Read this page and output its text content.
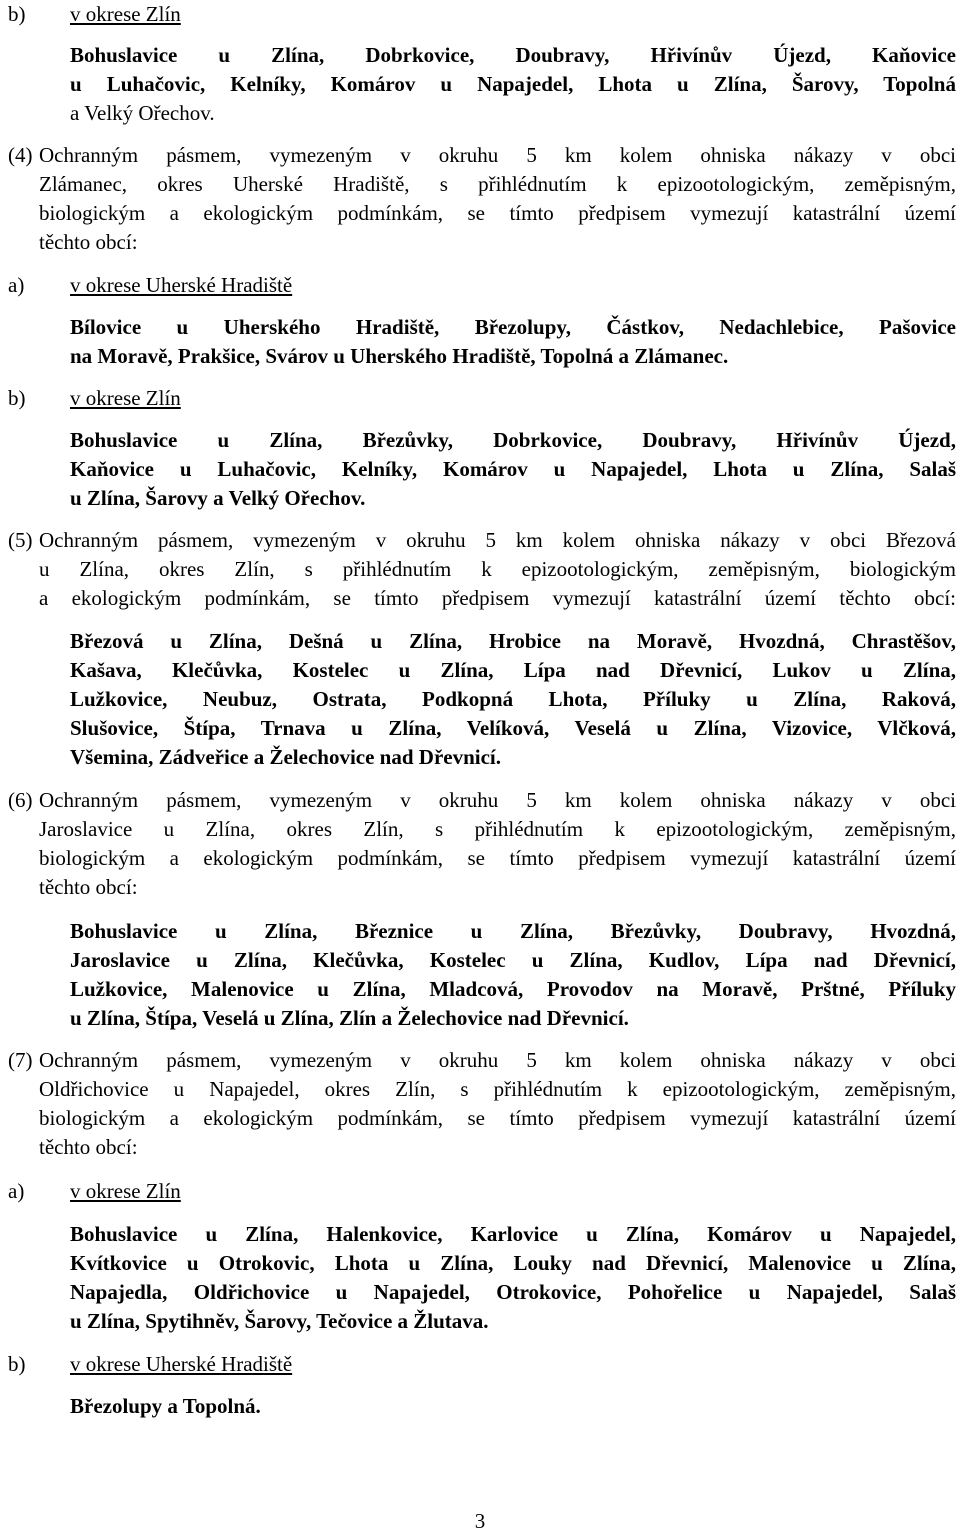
b) v okrese Zlín
Bohuslavice u Zlína, Dobrkovice, Doubravy, Hřivínův Újezd, Kaňovice
u Luhačovic, Kelníky, Komárov u Napajedel, Lhota u Zlína, Šarovy, Topolná
a Velký Ořechov.
(4) Ochranným pásmem, vymezeným v okruhu 5 km kolem ohniska nákazy v obci
Zlámanec, okres Uherské Hradiště, s přihlédnutím k epizootologickým, zeměpisným,
biologickým a ekologickým podmínkám, se tímto předpisem vymezují katastrální území
těchto obcí:
a) v okrese Uherské Hradiště
Bílovice u Uherského Hradiště, Březolupy, Částkov, Nedachlebice, Pašovice
na Moravě, Prakšice, Svárov u Uherského Hradiště, Topolná a Zlámanec.
b) v okrese Zlín
Bohuslavice u Zlína, Březůvky, Dobrkovice, Doubravy, Hřivínův Újezd,
Kaňovice u Luhačovic, Kelníky, Komárov u Napajedel, Lhota u Zlína, Salaš
u Zlína, Šarovy a Velký Ořechov.
(5) Ochranným pásmem, vymezeným v okruhu 5 km kolem ohniska nákazy v obci Březová
u Zlína, okres Zlín, s přihlédnutím k epizootologickým, zeměpisným, biologickým
a ekologickým podmínkám, se tímto předpisem vymezují katastrální území těchto obcí:
Březová u Zlína, Dešná u Zlína, Hrobice na Moravě, Hvozdná, Chrastěšov,
Kašava, Klečůvka, Kostelec u Zlína, Lípa nad Dřevnicí, Lukov u Zlína,
Lužkovice, Neubuz, Ostrata, Podkopná Lhota, Příluky u Zlína, Raková,
Slušovice, Štípa, Trnava u Zlína, Velíková, Veselá u Zlína, Vizovice, Vlčková,
Všemina, Zádveřice a Želechovice nad Dřevnicí.
(6) Ochranným pásmem, vymezeným v okruhu 5 km kolem ohniska nákazy v obci
Jaroslavice u Zlína, okres Zlín, s přihlédnutím k epizootologickým, zeměpisným,
biologickým a ekologickým podmínkám, se tímto předpisem vymezují katastrální území
těchto obcí:
Bohuslavice u Zlína, Březnice u Zlína, Březůvky, Doubravy, Hvozdná,
Jaroslavice u Zlína, Klečůvka, Kostelec u Zlína, Kudlov, Lípa nad Dřevnicí,
Lužkovice, Malenovice u Zlína, Mladcová, Provodov na Moravě, Prštné, Příluky
u Zlína, Štípa, Veselá u Zlína, Zlín a Želechovice nad Dřevnicí.
(7) Ochranným pásmem, vymezeným v okruhu 5 km kolem ohniska nákazy v obci
Oldřichovice u Napajedel, okres Zlín, s přihlédnutím k epizootologickým, zeměpisným,
biologickým a ekologickým podmínkám, se tímto předpisem vymezují katastrální území
těchto obcí:
a) v okrese Zlín
Bohuslavice u Zlína, Halenkovice, Karlovice u Zlína, Komárov u Napajedel,
Kvítkovice u Otrokovic, Lhota u Zlína, Louky nad Dřevnicí, Malenovice u Zlína,
Napajedla, Oldřichovice u Napajedel, Otrokovice, Pohořelice u Napajedel, Salaš
u Zlína, Spytihněv, Šarovy, Tečovice a Žlutava.
b) v okrese Uherské Hradiště
Březolupy a Topolná.
3
